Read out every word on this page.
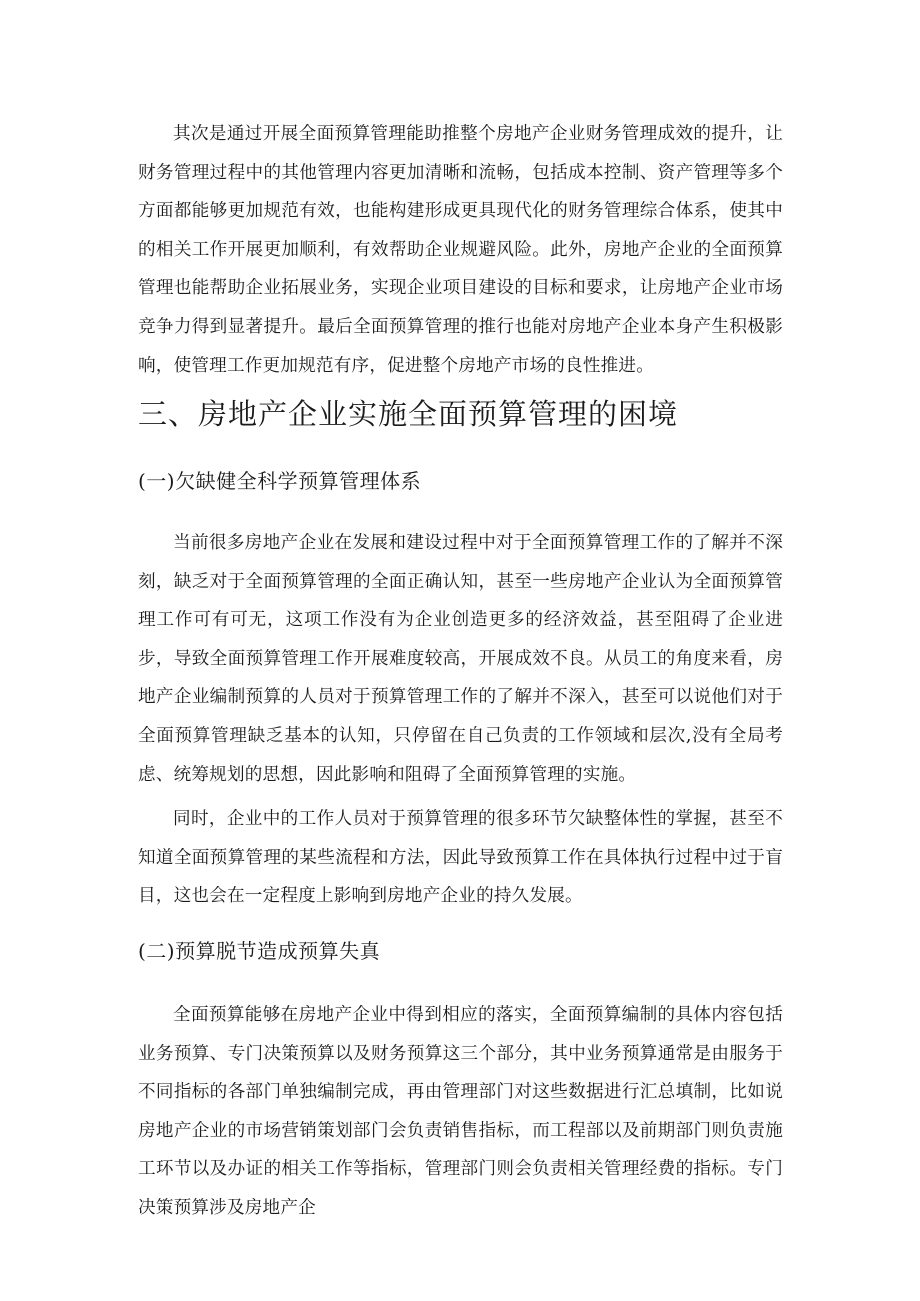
其次是通过开展全面预算管理能助推整个房地产企业财务管理成效的提升，让财务管理过程中的其他管理内容更加清晰和流畅，包括成本控制、资产管理等多个方面都能够更加规范有效，也能构建形成更具现代化的财务管理综合体系，使其中的相关工作开展更加顺利，有效帮助企业规避风险。此外，房地产企业的全面预算管理也能帮助企业拓展业务，实现企业项目建设的目标和要求，让房地产企业市场竞争力得到显著提升。最后全面预算管理的推行也能对房地产企业本身产生积极影响，使管理工作更加规范有序，促进整个房地产市场的良性推进。

三、房地产企业实施全面预算管理的困境
(一)欠缺健全科学预算管理体系

当前很多房地产企业在发展和建设过程中对于全面预算管理工作的了解并不深刻，缺乏对于全面预算管理的全面正确认知，甚至一些房地产企业认为全面预算管理工作可有可无，这项工作没有为企业创造更多的经济效益，甚至阻碍了企业进步，导致全面预算管理工作开展难度较高，开展成效不良。从员工的角度来看，房地产企业编制预算的人员对于预算管理工作的了解并不深入，甚至可以说他们对于全面预算管理缺乏基本的认知，只停留在自己负责的工作领域和层次,没有全局考虑、统筹规划的思想，因此影响和阻碍了全面预算管理的实施。

同时，企业中的工作人员对于预算管理的很多环节欠缺整体性的掌握，甚至不知道全面预算管理的某些流程和方法，因此导致预算工作在具体执行过程中过于盲目，这也会在一定程度上影响到房地产企业的持久发展。

(二)预算脱节造成预算失真

全面预算能够在房地产企业中得到相应的落实，全面预算编制的具体内容包括业务预算、专门决策预算以及财务预算这三个部分，其中业务预算通常是由服务于不同指标的各部门单独编制完成，再由管理部门对这些数据进行汇总填制，比如说房地产企业的市场营销策划部门会负责销售指标，而工程部以及前期部门则负责施工环节以及办证的相关工作等指标，管理部门则会负责相关管理经费的指标。专门决策预算涉及房地产企
